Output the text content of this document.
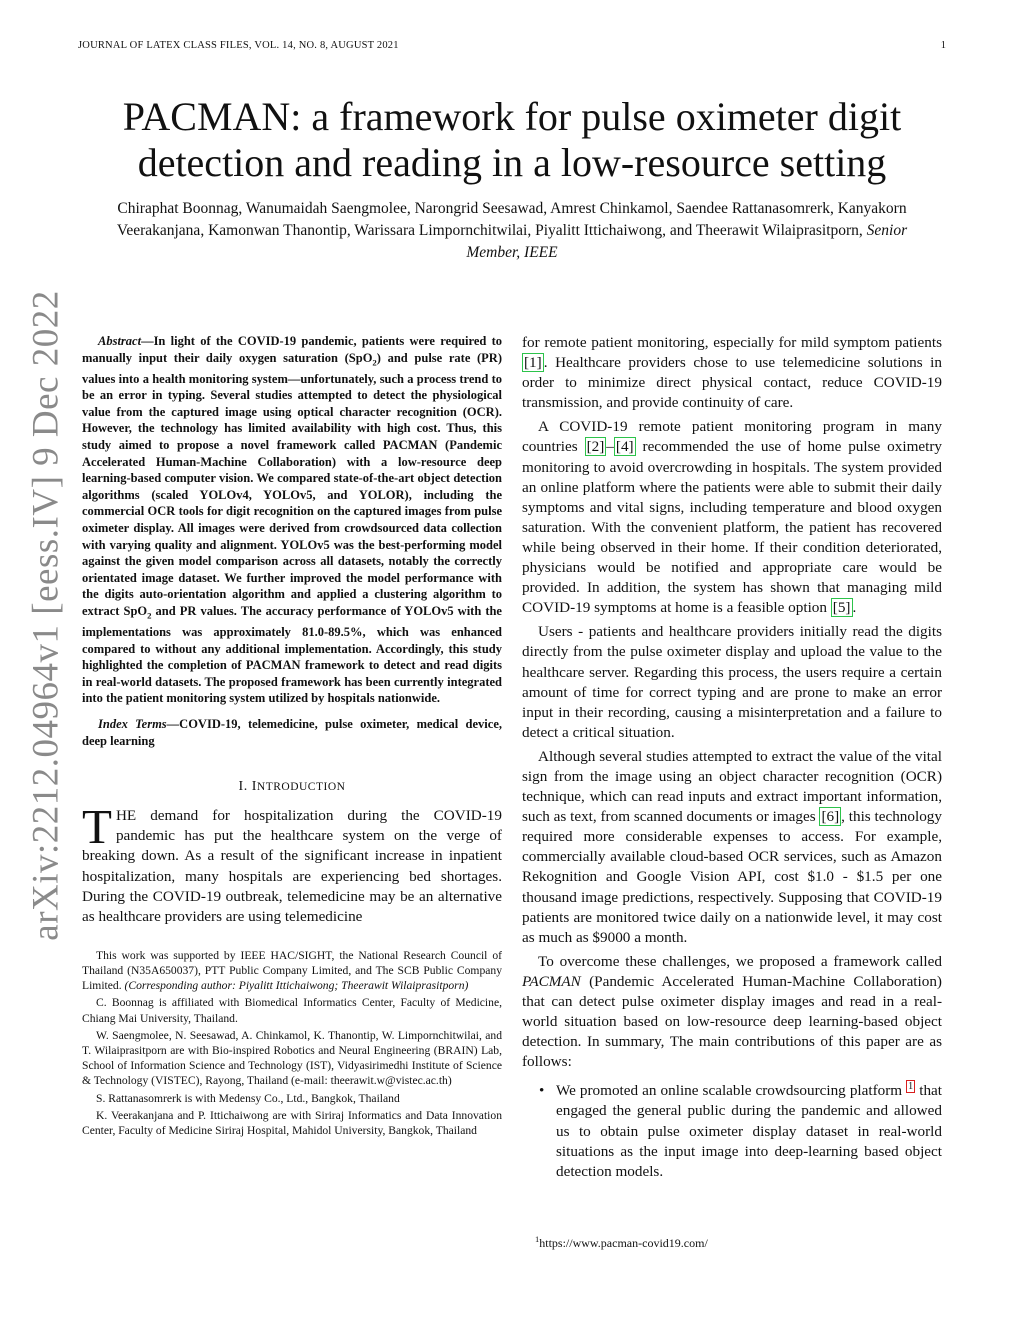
JOURNAL OF LATEX CLASS FILES, VOL. 14, NO. 8, AUGUST 2021	1
PACMAN: a framework for pulse oximeter digit detection and reading in a low-resource setting

Chiraphat Boonnag, Wanumaidah Saengmolee, Narongrid Seesawad, Amrest Chinkamol, Saendee Rattanasomrerk, Kanyakorn Veerakanjana, Kamonwan Thanontip, Warissara Limpornchitwilai, Piyalitt Ittichaiwong, and Theerawit Wilaiprasitporn, Senior Member, IEEE

arXiv:2212.04964v1 [eess.IV] 9 Dec 2022	Abstract—In light of the COVID-19 pandemic, patients were required to manually input their daily oxygen saturation (SpO$_2$) and pulse rate (PR) values into a health monitoring system—unfortunately, such a process trend to be an error in typing. Several studies attempted to detect the physiological value from the captured image using optical character recognition (OCR). However, the technology has limited availability with high cost. Thus, this study aimed to propose a novel framework called PACMAN (Pandemic Accelerated Human-Machine Collaboration) with a low-resource deep learning-based computer vision. We compared state-of-the-art object detection algorithms (scaled YOLOv4, YOLOv5, and YOLOR), including the commercial OCR tools for digit recognition on the captured images from pulse oximeter display. All images were derived from crowdsourced data collection with varying quality and alignment. YOLOv5 was the best-performing model against the given model comparison across all datasets, notably the correctly orientated image dataset. We further improved the model performance with the digits auto-orientation algorithm and applied a clustering algorithm to extract SpO$_2$ and PR values. The accuracy performance of YOLOv5 with the implementations was approximately 81.0-89.5%, which was enhanced compared to without any additional implementation. Accordingly, this study highlighted the completion of PACMAN framework to detect and read digits in real-world datasets. The proposed framework has been currently integrated into the patient monitoring system utilized by hospitals nationwide.

Index Terms—COVID-19, telemedicine, pulse oximeter, medical device, deep learning

I. INTRODUCTION

THE demand for hospitalization during the COVID-19 pandemic has put the healthcare system on the verge of breaking down. As a result of the significant increase in inpatient hospitalization, many hospitals are experiencing bed shortages. During the COVID-19 outbreak, telemedicine may be an alternative as healthcare providers are using telemedicine

This work was supported by IEEE HAC/SIGHT, the National Research Council of Thailand (N35A650037), PTT Public Company Limited, and The SCB Public Company Limited. (Corresponding author: Piyalitt Ittichaiwong; Theerawit Wilaiprasitporn)

C. Boonnag is affiliated with Biomedical Informatics Center, Faculty of Medicine, Chiang Mai University, Thailand.

W. Saengmolee, N. Seesawad, A. Chinkamol, K. Thanontip, W. Limpornchitwilai, and T. Wilaiprasitporn are with Bio-inspired Robotics and Neural Engineering (BRAIN) Lab, School of Information Science and Technology (IST), Vidyasirimedhi Institute of Science & Technology (VISTEC), Rayong, Thailand (e-mail: theerawit.w@vistec.ac.th)

S. Rattanasomrerk is with Medensy Co., Ltd., Bangkok, Thailand

K. Veerakanjana and P. Ittichaiwong are with Siriraj Informatics and Data Innovation Center, Faculty of Medicine Siriraj Hospital, Mahidol University, Bangkok, Thailand

for remote patient monitoring, especially for mild symptom patients [1] . Healthcare providers chose to use telemedicine solutions in order to minimize direct physical contact, reduce COVID-19 transmission, and provide continuity of care.

A COVID-19 remote patient monitoring program in many countries [2] – [4] recommended the use of home pulse oximetry monitoring to avoid overcrowding in hospitals. The system provided an online platform where the patients were able to submit their daily symptoms and vital signs, including temperature and blood oxygen saturation. With the convenient platform, the patient has recovered while being observed in their home. If their condition deteriorated, physicians would be notified and appropriate care would be provided. In addition, the system has shown that managing mild COVID-19 symptoms at home is a feasible option [5] .

Users - patients and healthcare providers initially read the digits directly from the pulse oximeter display and upload the value to the healthcare server. Regarding this process, the users require a certain amount of time for correct typing and are prone to make an error input in their recording, causing a misinterpretation and a failure to detect a critical situation.

Although several studies attempted to extract the value of the vital sign from the image using an object character recognition (OCR) technique, which can read inputs and extract important information, such as text, from scanned documents or images [6] , this technology required more considerable expenses to access. For example, commercially available cloud-based OCR services, such as Amazon Rekognition and Google Vision API, cost $1.0 - $1.5 per one thousand image predictions, respectively. Supposing that COVID-19 patients are monitored twice daily on a nationwide level, it may cost as much as $9000 a month.

To overcome these challenges, we proposed a framework called PACMAN (Pandemic Accelerated Human-Machine Collaboration) that can detect pulse oximeter display images and read in a real-world situation based on low-resource deep learning-based object detection. In summary, The main contributions of this paper are as follows:

• We promoted an online scalable crowdsourcing platform $^1$ that engaged the general public during the pandemic and allowed us to obtain pulse oximeter display dataset in real-world situations as the input image into deep-learning based object detection models.
$^1$https://www.pacman-covid19.com/
